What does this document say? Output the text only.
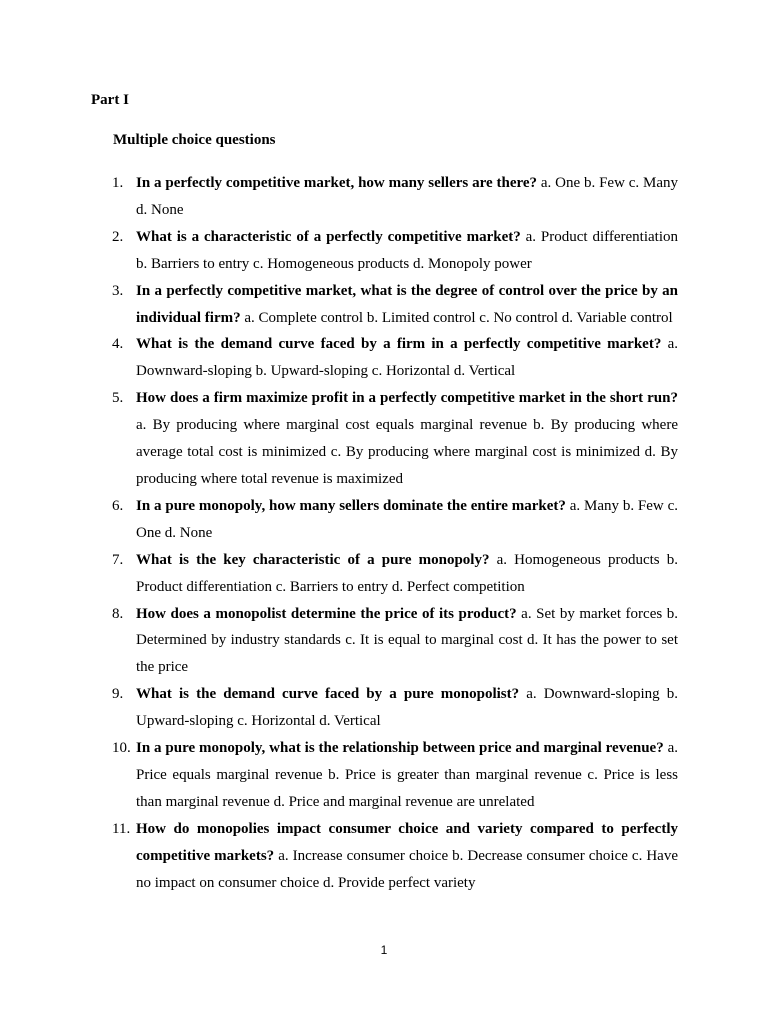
Part I
Multiple choice questions
1. In a perfectly competitive market, how many sellers are there? a. One b. Few c. Many d. None
2. What is a characteristic of a perfectly competitive market? a. Product differentiation b. Barriers to entry c. Homogeneous products d. Monopoly power
3. In a perfectly competitive market, what is the degree of control over the price by an individual firm? a. Complete control b. Limited control c. No control d. Variable control
4. What is the demand curve faced by a firm in a perfectly competitive market? a. Downward-sloping b. Upward-sloping c. Horizontal d. Vertical
5. How does a firm maximize profit in a perfectly competitive market in the short run? a. By producing where marginal cost equals marginal revenue b. By producing where average total cost is minimized c. By producing where marginal cost is minimized d. By producing where total revenue is maximized
6. In a pure monopoly, how many sellers dominate the entire market? a. Many b. Few c. One d. None
7. What is the key characteristic of a pure monopoly? a. Homogeneous products b. Product differentiation c. Barriers to entry d. Perfect competition
8. How does a monopolist determine the price of its product? a. Set by market forces b. Determined by industry standards c. It is equal to marginal cost d. It has the power to set the price
9. What is the demand curve faced by a pure monopolist? a. Downward-sloping b. Upward-sloping c. Horizontal d. Vertical
10. In a pure monopoly, what is the relationship between price and marginal revenue? a. Price equals marginal revenue b. Price is greater than marginal revenue c. Price is less than marginal revenue d. Price and marginal revenue are unrelated
11. How do monopolies impact consumer choice and variety compared to perfectly competitive markets? a. Increase consumer choice b. Decrease consumer choice c. Have no impact on consumer choice d. Provide perfect variety
1
